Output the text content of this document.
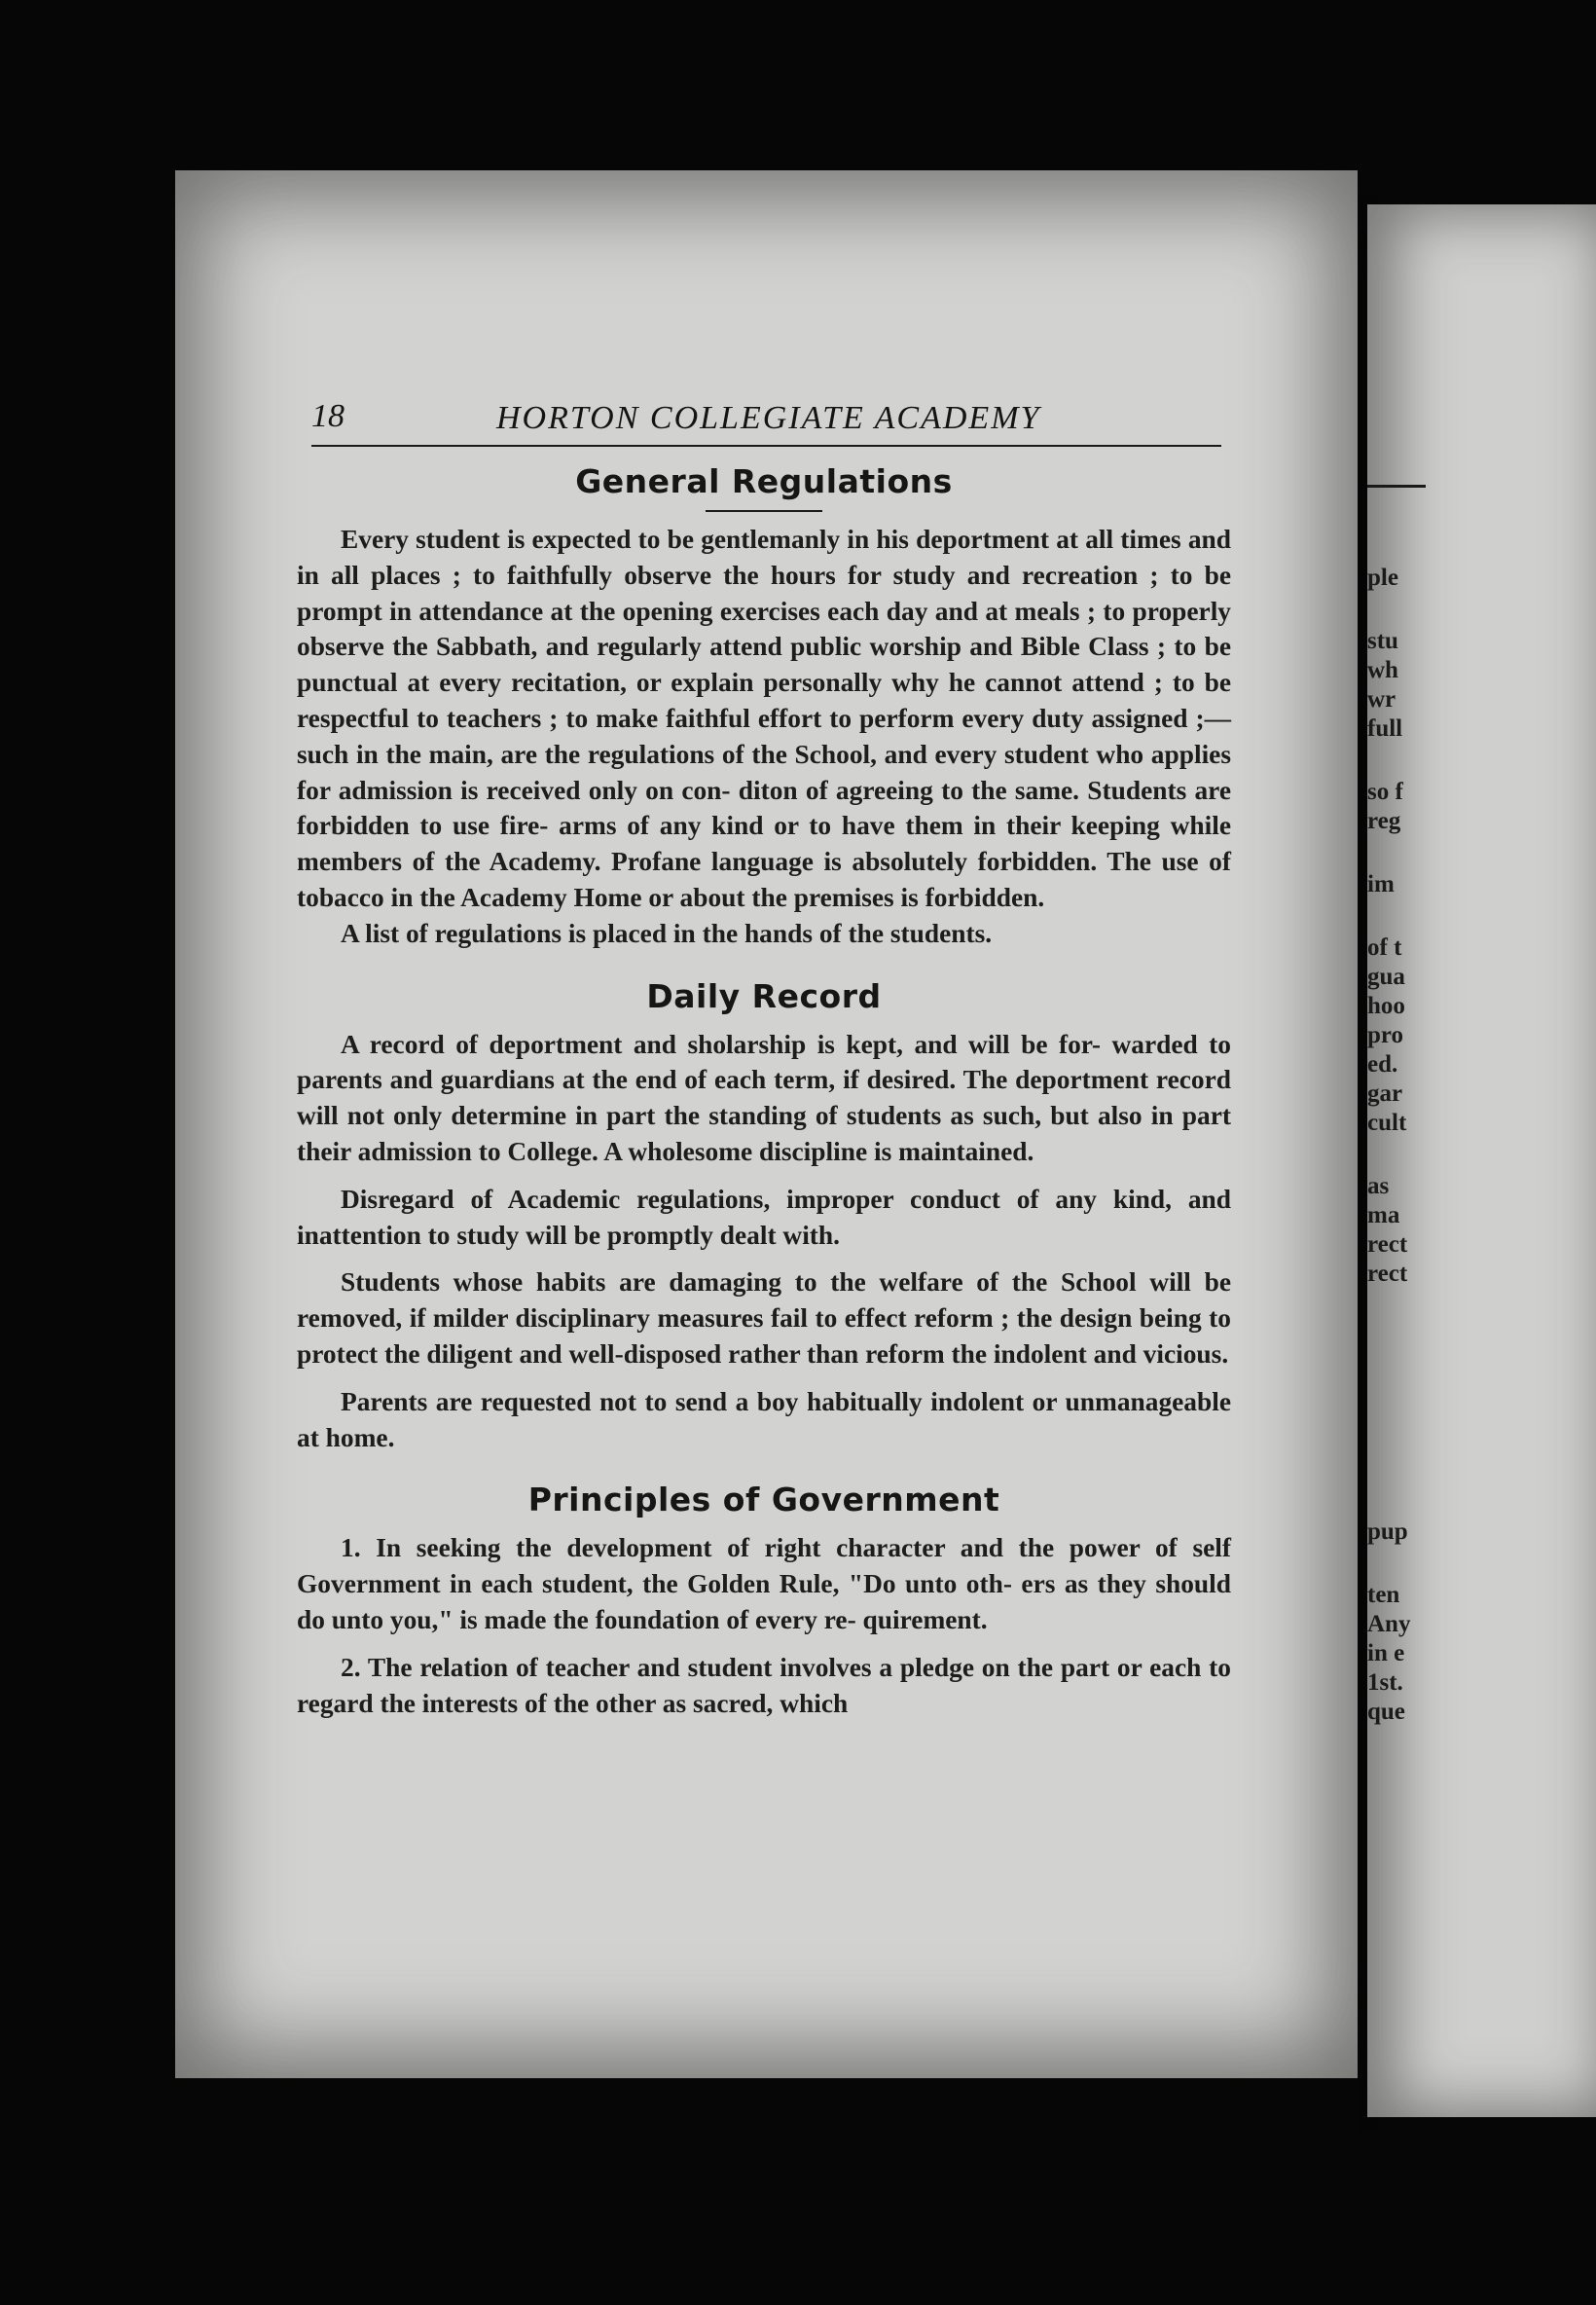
18	HORTON COLLEGIATE ACADEMY
General Regulations

Every student is expected to be gentlemanly in his deportment at all times and in all places ; to faithfully observe the hours for study and recreation ; to be prompt in attendance at the opening exercises each day and at meals ; to properly observe the Sabbath, and regularly attend public worship and Bible Class ; to be punctual at every recitation, or explain personally why he cannot attend ; to be respectful to teachers ; to make faithful effort to perform every duty assigned ;—such in the main, are the regulations of the School, and every student who applies for admission is received only on con- diton of agreeing to the same. Students are forbidden to use fire- arms of any kind or to have them in their keeping while members of the Academy. Profane language is absolutely forbidden. The use of tobacco in the Academy Home or about the premises is forbidden.

A list of regulations is placed in the hands of the students.

Daily Record

A record of deportment and sholarship is kept, and will be for- warded to parents and guardians at the end of each term, if desired. The deportment record will not only determine in part the standing of students as such, but also in part their admission to College. A wholesome discipline is maintained.

Disregard of Academic regulations, improper conduct of any kind, and inattention to study will be promptly dealt with.

Students whose habits are damaging to the welfare of the School will be removed, if milder disciplinary measures fail to effect reform ; the design being to protect the diligent and well-disposed rather than reform the indolent and vicious.

Parents are requested not to send a boy habitually indolent or unmanageable at home.

Principles of Government

1. In seeking the development of right character and the power of self Government in each student, the Golden Rule, "Do unto oth- ers as they should do unto you," is made the foundation of every re- quirement.

2. The relation of teacher and student involves a pledge on the part or each to regard the interests of the other as sacred, which

ple
stu
wh
wr
full
so f
reg
im
of t
gua
hoo
pro
ed.
gar
cult
as
ma
rect
rect
pup
ten
Any
in e
1st.
que
